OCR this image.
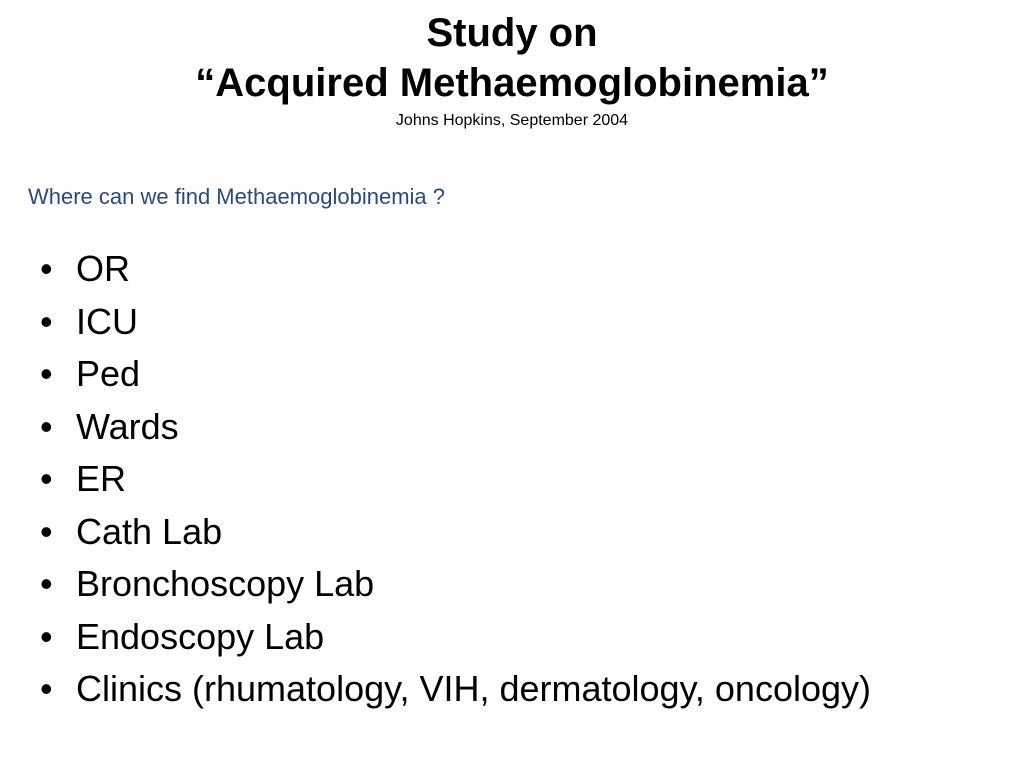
Study on
“Acquired Methaemoglobinemia”
Johns Hopkins, September 2004
Where can we find Methaemoglobinemia ?
• OR
• ICU
• Ped
• Wards
• ER
• Cath Lab
• Bronchoscopy Lab
• Endoscopy Lab
• Clinics (rhumatology, VIH, dermatology, oncology)
